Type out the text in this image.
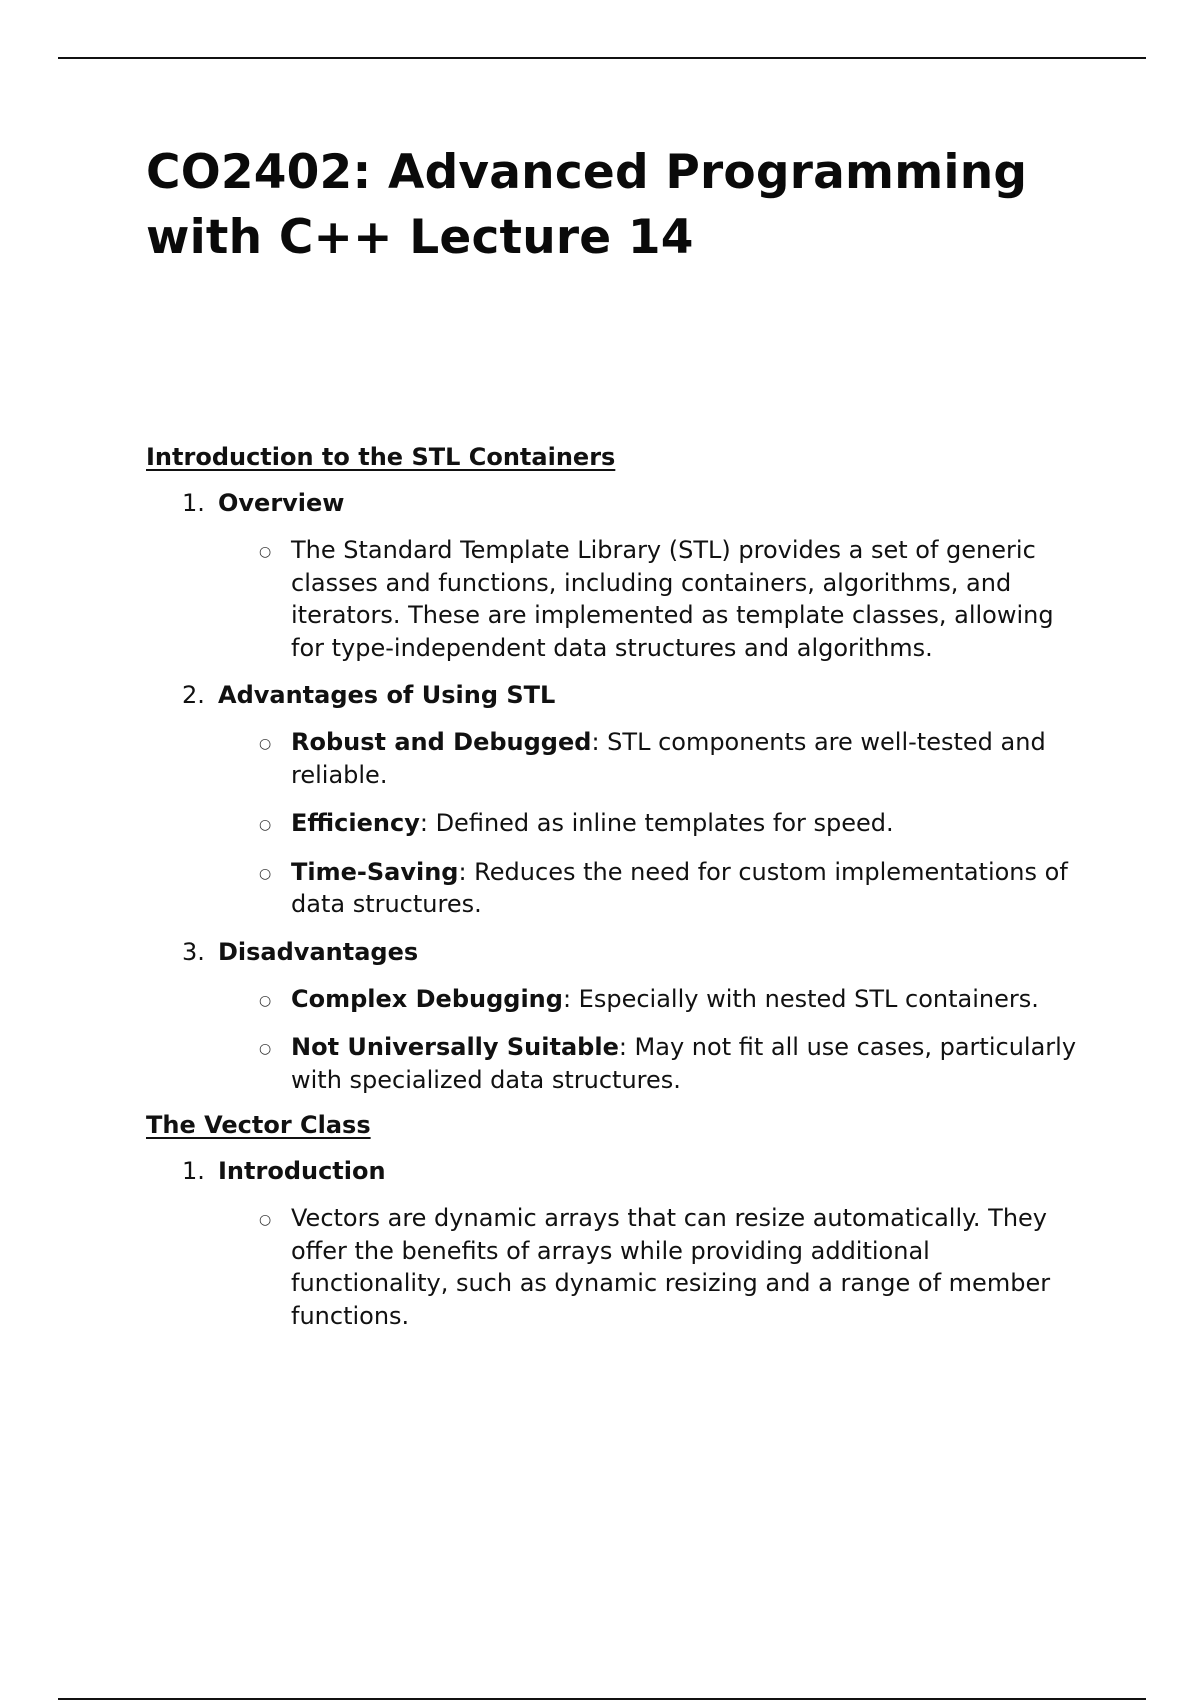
CO2402: Advanced Programming with C++ Lecture 14
Introduction to the STL Containers
1. Overview
○ The Standard Template Library (STL) provides a set of generic classes and functions, including containers, algorithms, and iterators. These are implemented as template classes, allowing for type-independent data structures and algorithms.
2. Advantages of Using STL
○ Robust and Debugged: STL components are well-tested and reliable.
○ Efficiency: Defined as inline templates for speed.
○ Time-Saving: Reduces the need for custom implementations of data structures.
3. Disadvantages
○ Complex Debugging: Especially with nested STL containers.
○ Not Universally Suitable: May not fit all use cases, particularly with specialized data structures.
The Vector Class
1. Introduction
○ Vectors are dynamic arrays that can resize automatically. They offer the benefits of arrays while providing additional functionality, such as dynamic resizing and a range of member functions.
